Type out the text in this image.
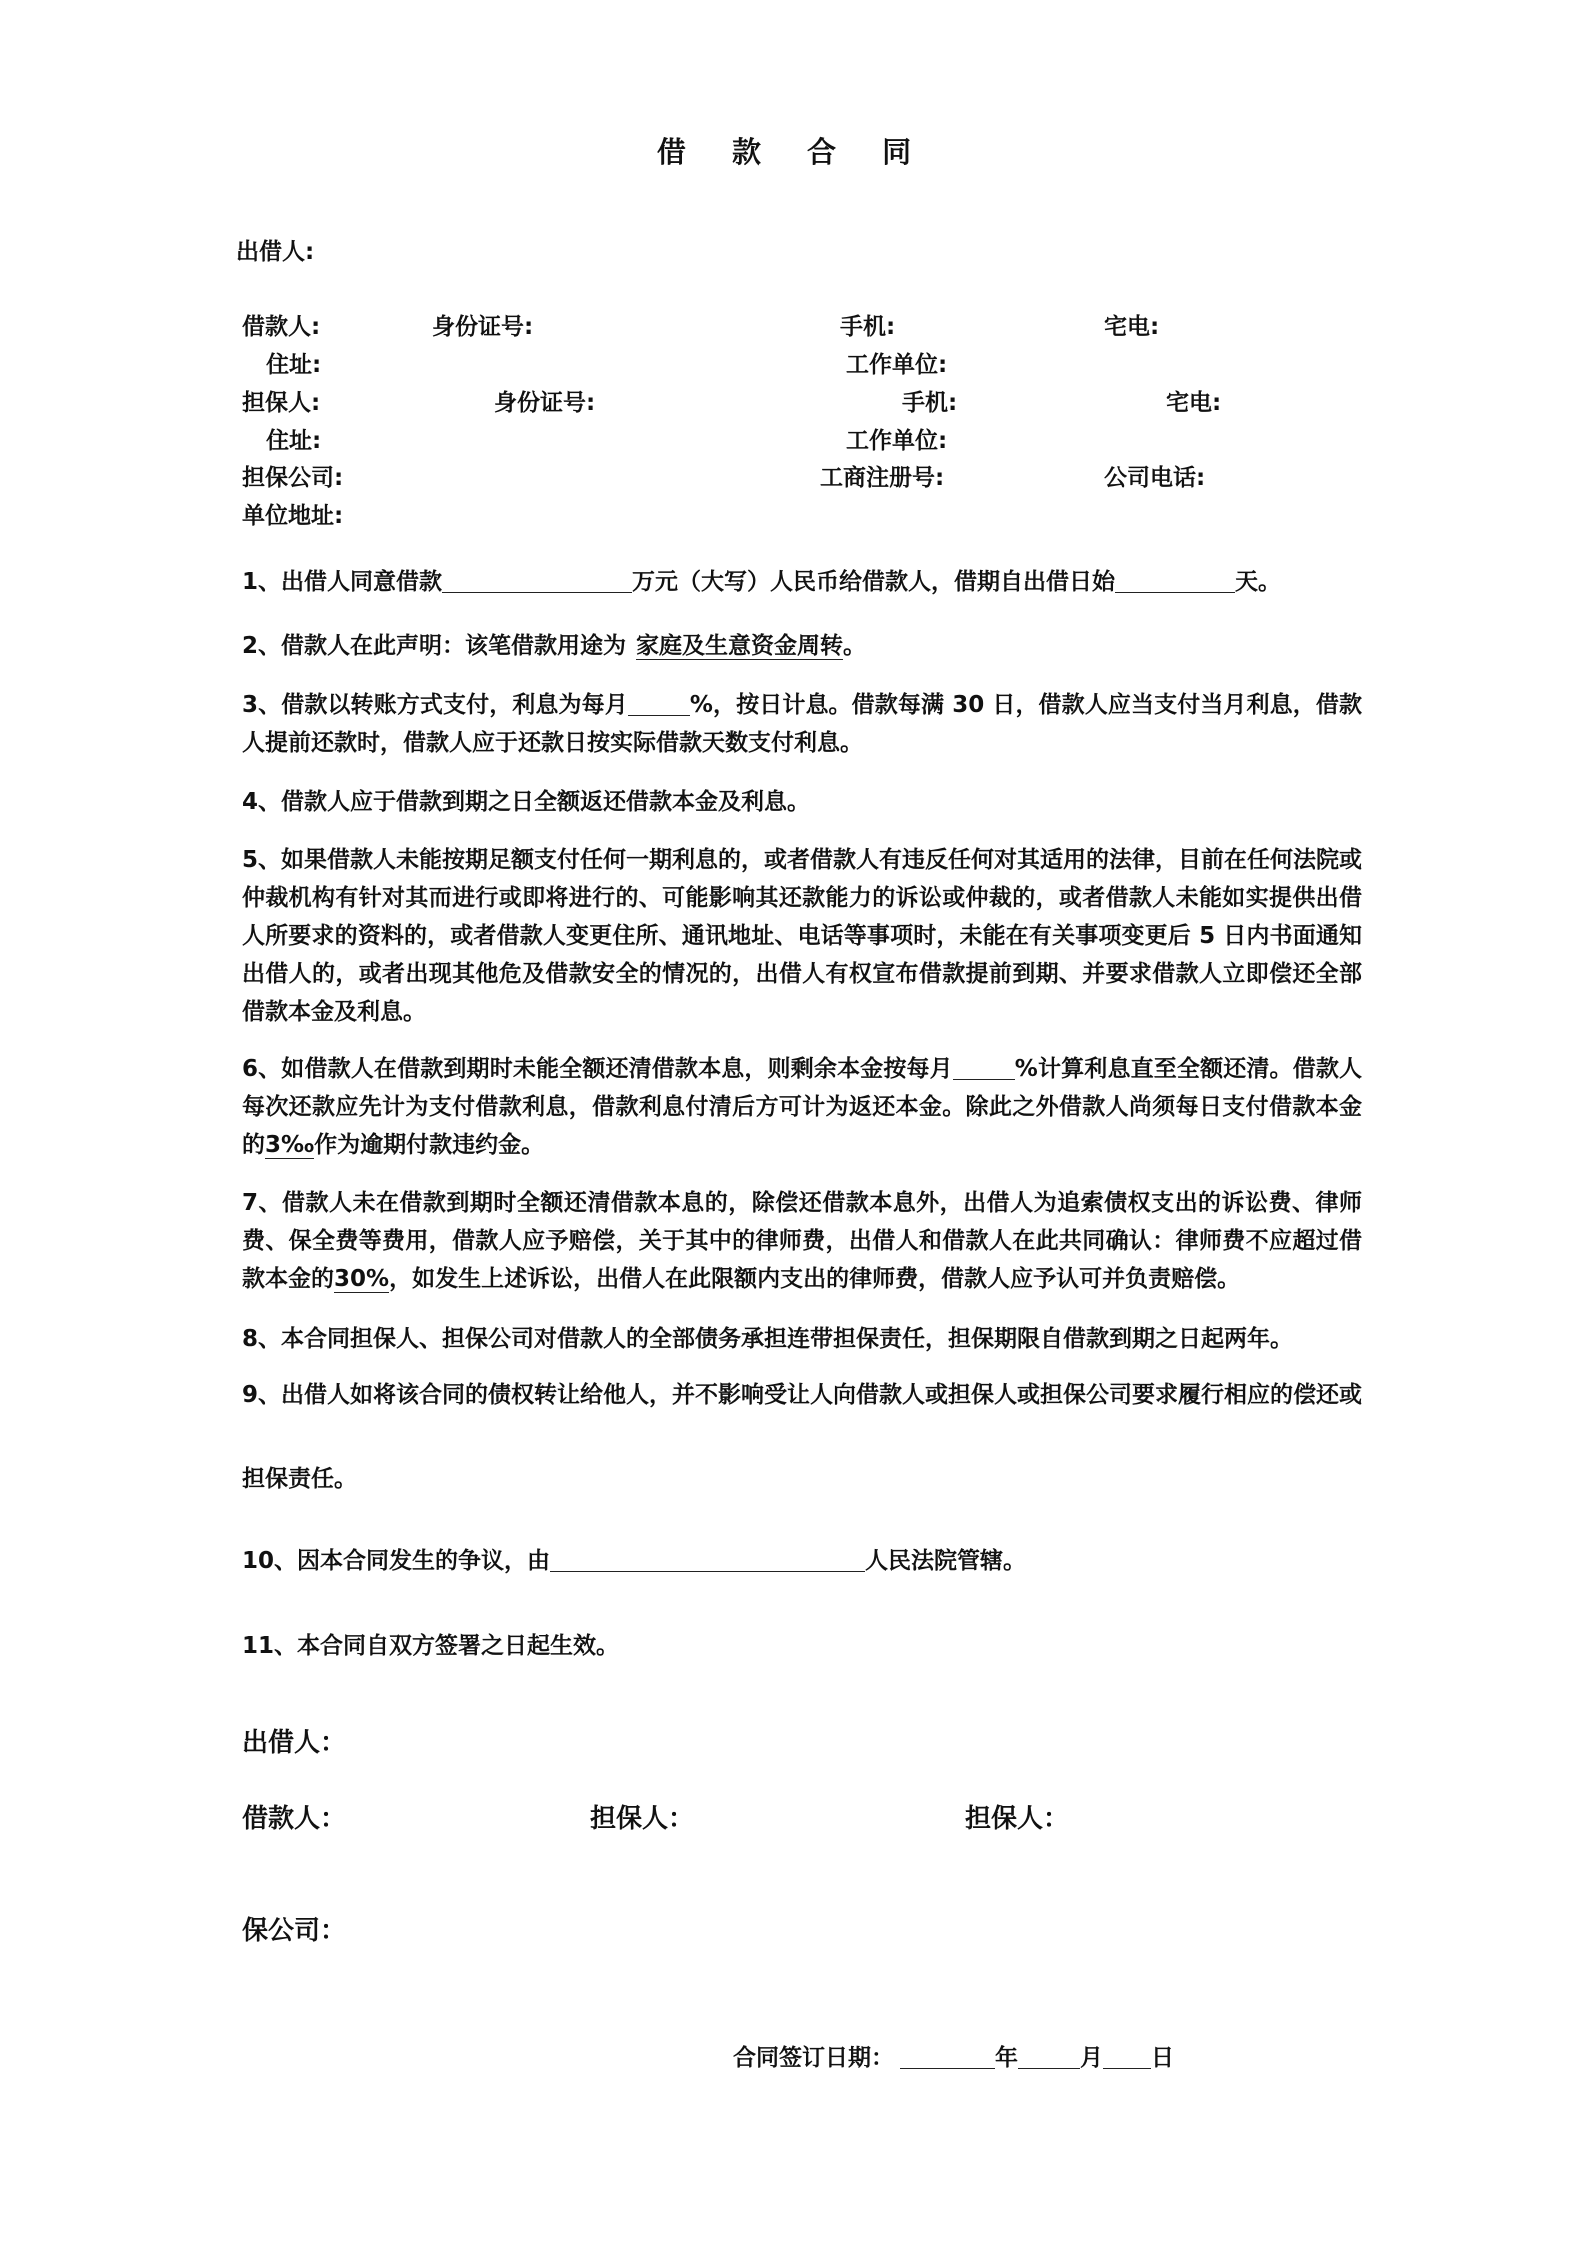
借 款 合 同
出借人:
借款人:	身份证号:	手机:	宅电:
住址:	工作单位:
担保人:	身份证号:	手机:	宅电:
住址:	工作单位:
担保公司:	工商注册号:	公司电话:
单位地址:
1、出借人同意借款	万元（大写）人民币给借款人，借期自出借日始	天。
2、借款人在此声明：该笔借款用途为 家庭及生意资金周转。
3、借款以转账方式支付，利息为每月	%，按日计息。借款每满 30 日，借款人应当支付当月利息，借款人提前还款时，借款人应于还款日按实际借款天数支付利息。
4、借款人应于借款到期之日全额返还借款本金及利息。
5、如果借款人未能按期足额支付任何一期利息的，或者借款人有违反任何对其适用的法律，目前在任何法院或仲裁机构有针对其而进行或即将进行的、可能影响其还款能力的诉讼或仲裁的，或者借款人未能如实提供出借人所要求的资料的，或者借款人变更住所、通讯地址、电话等事项时，未能在有关事项变更后 5 日内书面通知出借人的，或者出现其他危及借款安全的情况的，出借人有权宣布借款提前到期、并要求借款人立即偿还全部借款本金及利息。
6、如借款人在借款到期时未能全额还清借款本息，则剩余本金按每月	%计算利息直至全额还清。借款人每次还款应先计为支付借款利息，借款利息付清后方可计为返还本金。除此之外借款人尚须每日支付借款本金的3‰作为逾期付款违约金。
7、借款人未在借款到期时全额还清借款本息的，除偿还借款本息外，出借人为追索债权支出的诉讼费、律师费、保全费等费用，借款人应予赔偿，关于其中的律师费，出借人和借款人在此共同确认：律师费不应超过借款本金的30%，如发生上述诉讼，出借人在此限额内支出的律师费，借款人应予认可并负责赔偿。
8、本合同担保人、担保公司对借款人的全部债务承担连带担保责任，担保期限自借款到期之日起两年。
9、出借人如将该合同的债权转让给他人，并不影响受让人向借款人或担保人或担保公司要求履行相应的偿还或
担保责任。
10、因本合同发生的争议，由	人民法院管辖。
11、本合同自双方签署之日起生效。
出借人：
借款人：	担保人：	担保人：
保公司：
合同签订日期：	年	月 日
